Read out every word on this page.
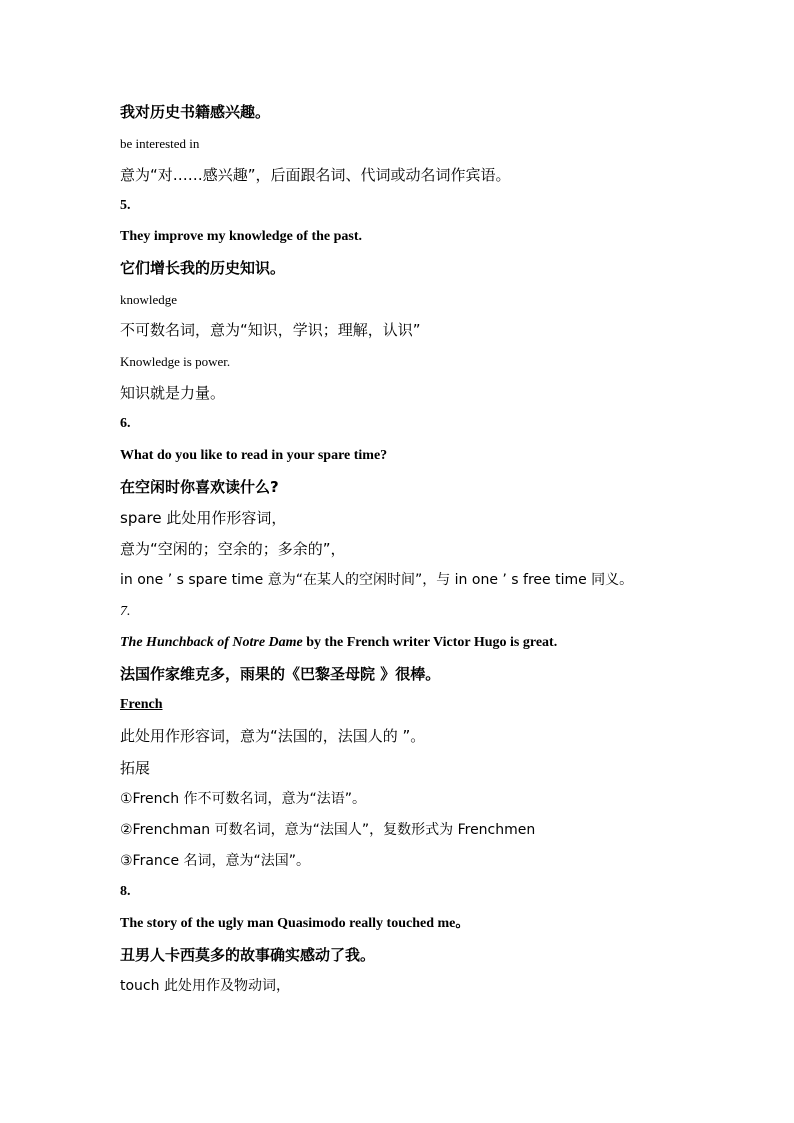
我对历史书籍感兴趣。
be interested in
意为“对……感兴趣”，后面跟名词、代词或动名词作宾语。
5.
They improve my knowledge of the past.
它们增长我的历史知识。
knowledge
不可数名词，意为“知识，学识；理解，认识”
Knowledge is power.
知识就是力量。
6.
What do you like to read in your spare time?
在空闲时你喜欢读什么?
spare 此处用作形容词，
意为“空闲的；空余的；多余的”，
in one ’ s spare time 意为“在某人的空闲时间”，与 in one ’ s free time 同义。
7.
The Hunchback of Notre Dame by the French writer Victor Hugo is great.
法国作家维克多，雨果的《巴黎圣母院 》很棒。
French
此处用作形容词，意为“法国的，法国人的 ”。
拓展
①French 作不可数名词，意为“法语”。
②Frenchman 可数名词，意为“法国人”，复数形式为 Frenchmen
③France 名词，意为“法国”。
8.
The story of the ugly man Quasimodo really touched me。
丑男人卡西莫多的故事确实感动了我。
touch 此处用作及物动词，
